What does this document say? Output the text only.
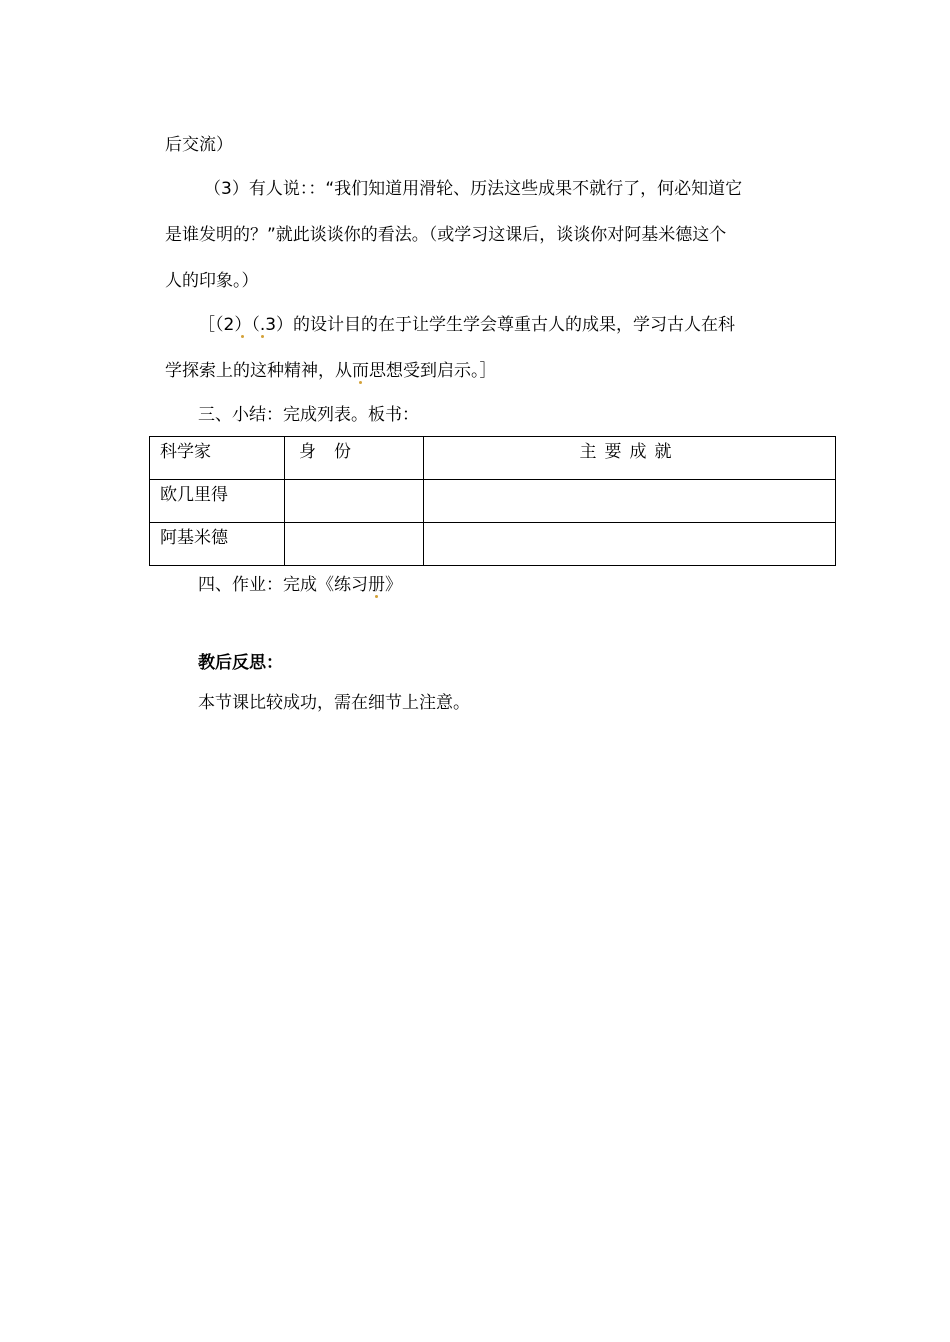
后交流）
（3）有人说：：“我们知道用滑轮、历法这些成果不就行了，何必知道它
是谁发明的？”就此谈谈你的看法。（或学习这课后，谈谈你对阿基米德这个
人的印象。）
［（2）（.3）的设计目的在于让学生学会尊重古人的成果，学习古人在科
学探索上的这种精神，从而思想受到启示。］
三、小结：完成列表。板书：
科学家	身份	主要成就
欧几里得		
阿基米德		
四、作业：完成《练习册》
教后反思：
本节课比较成功，需在细节上注意。
